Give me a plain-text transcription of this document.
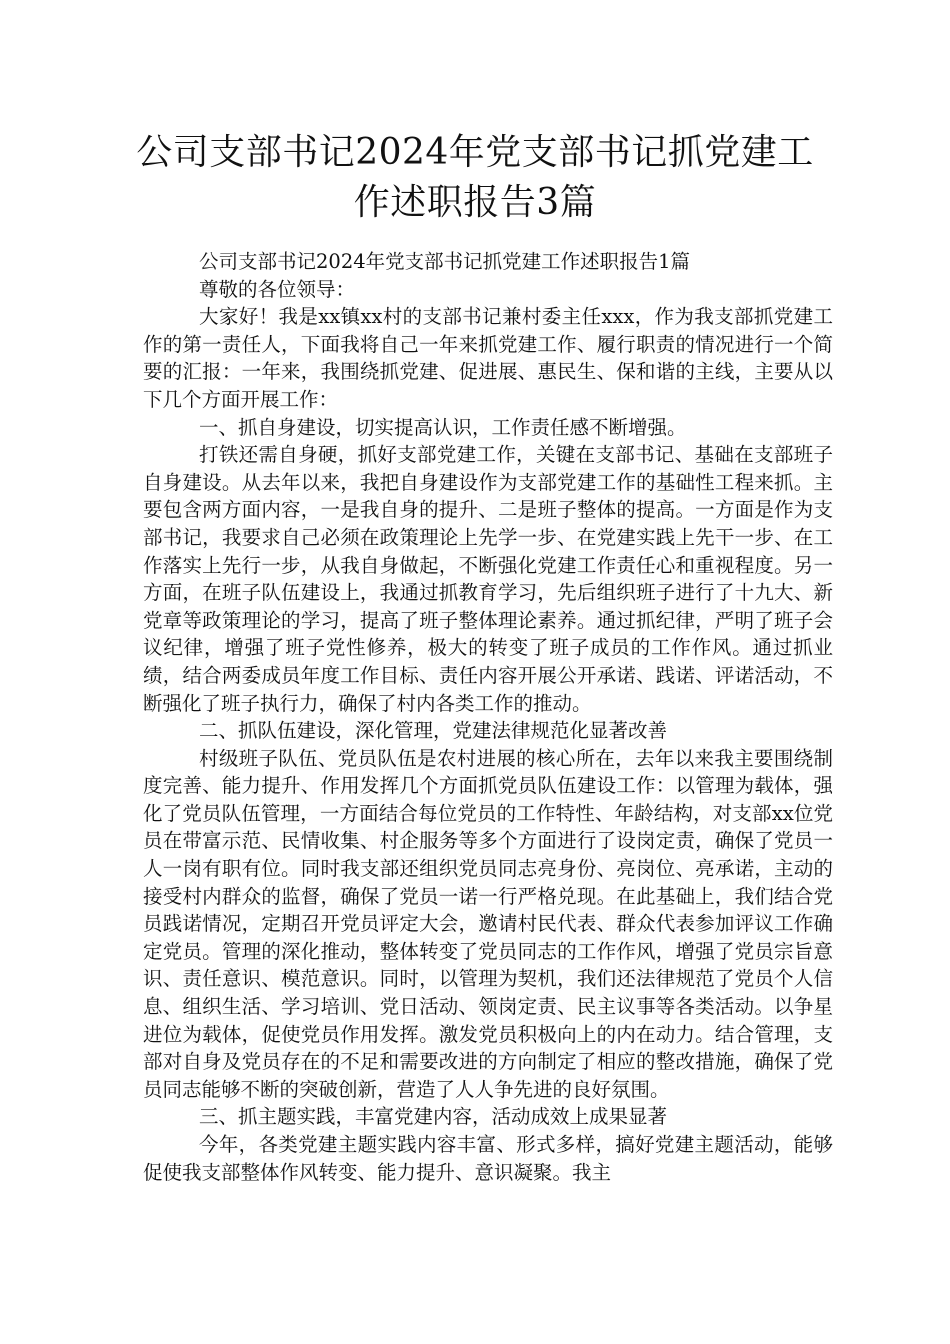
公司支部书记2024年党支部书记抓党建工作述职报告3篇

公司支部书记2024年党支部书记抓党建工作述职报告1篇

尊敬的各位领导：

大家好！我是xx镇xx村的支部书记兼村委主任xxx，作为我支部抓党建工作的第一责任人，下面我将自己一年来抓党建工作、履行职责的情况进行一个简要的汇报：一年来，我围绕抓党建、促进展、惠民生、保和谐的主线，主要从以下几个方面开展工作：

一、抓自身建设，切实提高认识，工作责任感不断增强。

打铁还需自身硬，抓好支部党建工作，关键在支部书记、基础在支部班子自身建设。从去年以来，我把自身建设作为支部党建工作的基础性工程来抓。主要包含两方面内容，一是我自身的提升、二是班子整体的提高。一方面是作为支部书记，我要求自己必须在政策理论上先学一步、在党建实践上先干一步、在工作落实上先行一步，从我自身做起，不断强化党建工作责任心和重视程度。另一方面，在班子队伍建设上，我通过抓教育学习，先后组织班子进行了十九大、新党章等政策理论的学习，提高了班子整体理论素养。通过抓纪律，严明了班子会议纪律，增强了班子党性修养，极大的转变了班子成员的工作作风。通过抓业绩，结合两委成员年度工作目标、责任内容开展公开承诺、践诺、评诺活动，不断强化了班子执行力，确保了村内各类工作的推动。

二、抓队伍建设，深化管理，党建法律规范化显著改善

村级班子队伍、党员队伍是农村进展的核心所在，去年以来我主要围绕制度完善、能力提升、作用发挥几个方面抓党员队伍建设工作：以管理为载体，强化了党员队伍管理，一方面结合每位党员的工作特性、年龄结构，对支部xx位党员在带富示范、民情收集、村企服务等多个方面进行了设岗定责，确保了党员一人一岗有职有位。同时我支部还组织党员同志亮身份、亮岗位、亮承诺，主动的接受村内群众的监督，确保了党员一诺一行严格兑现。在此基础上，我们结合党员践诺情况，定期召开党员评定大会，邀请村民代表、群众代表参加评议工作确定党员。管理的深化推动，整体转变了党员同志的工作作风，增强了党员宗旨意识、责任意识、模范意识。同时，以管理为契机，我们还法律规范了党员个人信息、组织生活、学习培训、党日活动、领岗定责、民主议事等各类活动。以争星进位为载体，促使党员作用发挥。激发党员积极向上的内在动力。结合管理，支部对自身及党员存在的不足和需要改进的方向制定了相应的整改措施，确保了党员同志能够不断的突破创新，营造了人人争先进的良好氛围。

三、抓主题实践，丰富党建内容，活动成效上成果显著

今年，各类党建主题实践内容丰富、形式多样，搞好党建主题活动，能够促使我支部整体作风转变、能力提升、意识凝聚。我主
